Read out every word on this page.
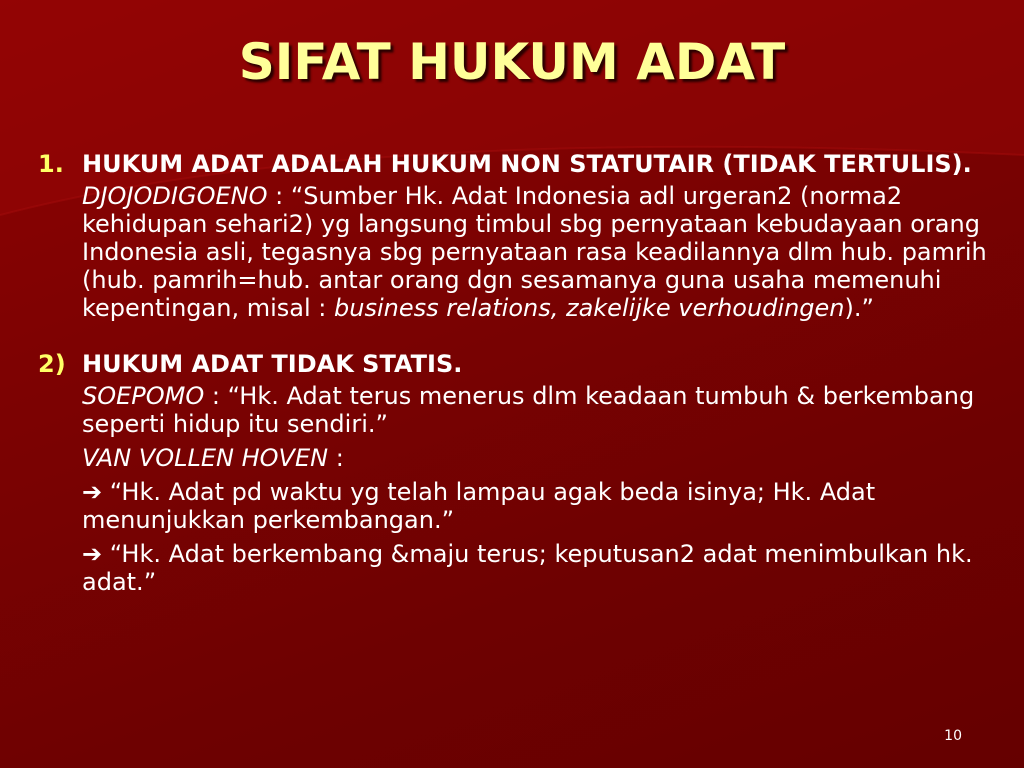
SIFAT HUKUM ADAT
1. HUKUM ADAT ADALAH HUKUM NON STATUTAIR (TIDAK TERTULIS).
DJOJODIGOENO : “Sumber Hk. Adat Indonesia adl urgeran2 (norma2 kehidupan sehari2) yg langsung timbul sbg pernyataan kebudayaan orang Indonesia asli, tegasnya sbg pernyataan rasa keadilannya dlm hub. pamrih (hub. pamrih=hub. antar orang dgn sesamanya guna usaha memenuhi kepentingan, misal : business relations, zakelijke verhoudingen).”
2) HUKUM ADAT TIDAK STATIS.
SOEPOMO : “Hk. Adat terus menerus dlm keadaan tumbuh & berkembang seperti hidup itu sendiri.”
VAN VOLLEN HOVEN :
➔ “Hk. Adat pd waktu yg telah lampau agak beda isinya; Hk. Adat menunjukkan perkembangan.”
➔ “Hk. Adat berkembang &maju terus; keputusan2 adat menimbulkan hk. adat.”
10
